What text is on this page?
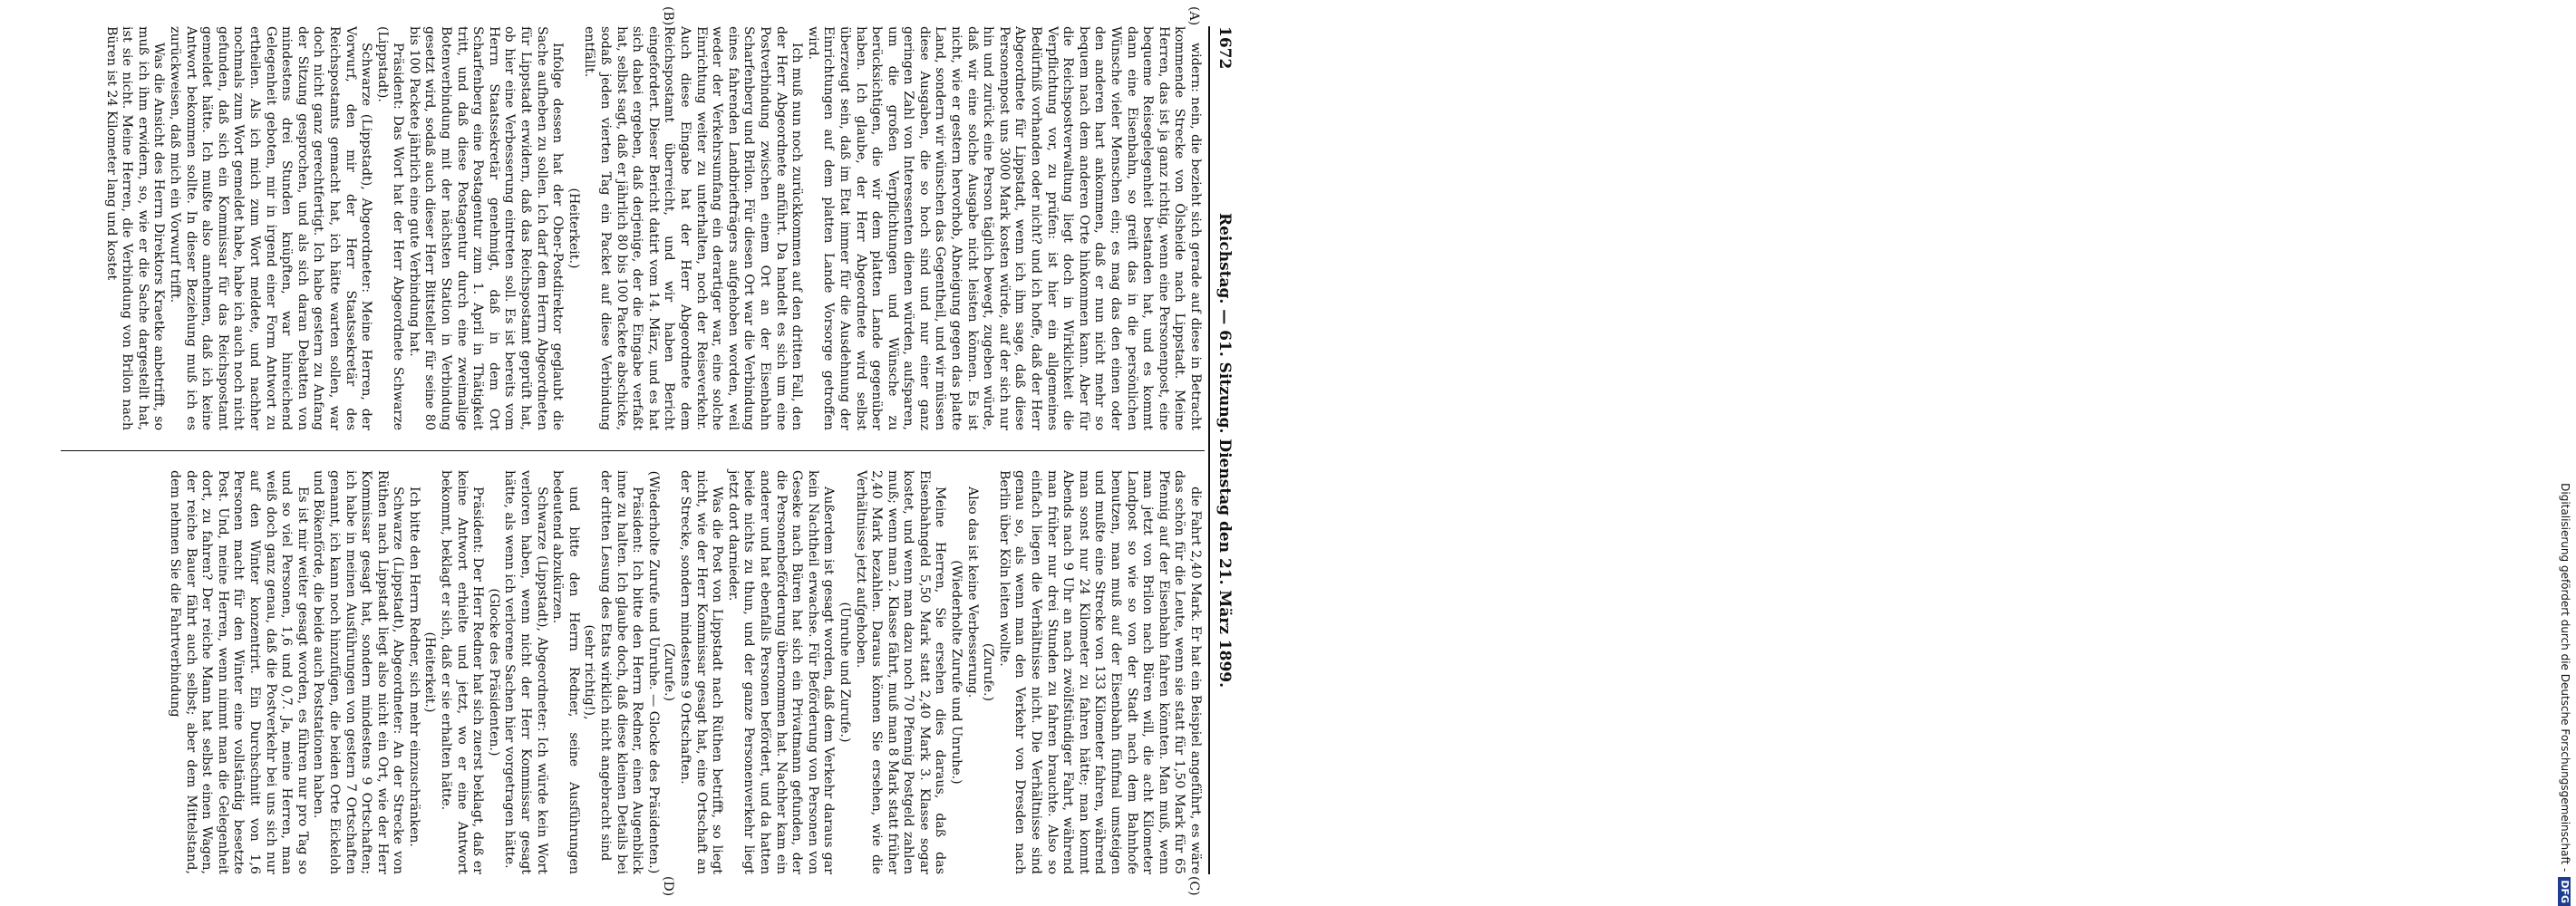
1672
Reichstag. — 61. Sitzung. Dienstag den 21. März 1899.
(A)
(B)
(C)
(D)

widern: nein, die bezieht sich gerade auf diese in Betracht kommende Strecke von Ölsheide nach Lippstadt. Meine Herren, das ist ja ganz richtig, wenn eine Personenpost, eine bequeme Reisegelegenheit bestanden hat, und es kommt dann eine Eisenbahn, so greift das in die persönlichen Wünsche vieler Menschen ein; es mag das den einen oder den anderen hart ankommen, daß er nun nicht mehr so bequem nach dem anderen Orte hinkommen kann. Aber für die Reichspostverwaltung liegt doch in Wirklichkeit die Verpflichtung vor, zu prüfen: ist hier ein allgemeines Bedürfniß vorhanden oder nicht? und ich hoffe, daß der Herr Abgeordnete für Lippstadt, wenn ich ihm sage, daß diese Personenpost uns 3000 Mark kosten würde, auf der sich nur hin und zurück eine Person täglich bewegt, zugeben würde, daß wir eine solche Ausgabe nicht leisten können. Es ist nicht, wie er gestern hervorhob, Abneigung gegen das platte Land, sondern wir wünschen das Gegentheil, und wir müssen diese Ausgaben, die so hoch sind und nur einer ganz geringen Zahl von Interessenten dienen würden, aufsparen, um die großen Verpflichtungen und Wünsche zu berücksichtigen, die wir dem platten Lande gegenüber haben. Ich glaube, der Herr Abgeordnete wird selbst überzeugt sein, daß im Etat immer für die Ausdehnung der Einrichtungen auf dem platten Lande Vorsorge getroffen wird.

Ich muß nun noch zurückkommen auf den dritten Fall, den der Herr Abgeordnete anführt. Da handelt es sich um eine Postverbindung zwischen einem Ort an der Eisenbahn Scharfenberg und Brilon. Für diesen Ort war die Verbindung eines fahrenden Landbriefträgers aufgehoben worden, weil weder der Verkehrsumfang ein derartiger war, eine solche Einrichtung weiter zu unterhalten, noch der Reiseverkehr. Auch diese Eingabe hat der Herr Abgeordnete dem Reichspostamt überreicht, und wir haben Bericht eingefordert. Dieser Bericht datirt vom 14. März, und es hat sich dabei ergeben, daß derjenige, der die Eingabe verfaßt hat, selbst sagt, daß er jährlich 80 bis 100 Packete abschicke, sodaß jeden vierten Tag ein Packet auf diese Verbindung entfällt.

(Heiterkeit.)

Infolge dessen hat der Ober-Postdirektor geglaubt die Sache aufheben zu sollen. Ich darf dem Herrn Abgeordneten für Lippstadt erwidern, daß das Reichspostamt geprüft hat, ob hier eine Verbesserung eintreten soll. Es ist bereits vom Herrn Staatssekretär genehmigt, daß in dem Ort Scharfenberg eine Postagentur zum 1. April in Thätigkeit tritt, und daß diese Postagentur durch eine zweimalige Botenverbindung mit der nächsten Station in Verbindung gesetzt wird, sodaß auch dieser Herr Bittsteller für seine 80 bis 100 Packete jährlich eine gute Verbindung hat.

Präsident: Das Wort hat der Herr Abgeordnete Schwarze (Lippstadt).

Schwarze (Lippstadt), Abgeordneter: Meine Herren, der Vorwurf, den mir der Herr Staatssekretär des Reichspostamts gemacht hat, ich hätte warten sollen, war doch nicht ganz gerechtfertigt. Ich habe gestern zu Anfang der Sitzung gesprochen, und als sich daran Debatten von mindestens drei Stunden knüpften, war hinreichend Gelegenheit geboten, mir in irgend einer Form Antwort zu ertheilen. Als ich mich zum Wort meldete, und nachher nochmals zum Wort gemeldet habe, habe ich auch noch nicht gefunden, daß sich ein Kommissar für das Reichspostamt gemeldet hätte. Ich mußte also annehmen, daß ich keine Antwort bekommen sollte. In dieser Beziehung muß ich es zurückweisen, daß mich ein Vorwurf trifft.

Was die Ansicht des Herrn Direktors Kraetke anbetrifft, so muß ich ihm erwidern, so, wie er die Sache dargestellt hat, ist sie nicht. Meine Herren, die Verbindung von Brilon nach Büren ist 24 Kilometer lang und kostet

die Fahrt 2,40 Mark. Er hat ein Beispiel angeführt, es wäre das schön für die Leute, wenn sie statt für 1,50 Mark für 65 Pfennig auf der Eisenbahn fahren könnten. Man muß, wenn man jetzt von Brilon nach Büren will, die acht Kilometer Landpost so wie so von der Stadt nach dem Bahnhofe benutzen, man muß auf der Eisenbahn fünfmal umsteigen und mußte eine Strecke von 133 Kilometer fahren, während man sonst nur 24 Kilometer zu fahren hätte; man kommt Abends nach 9 Uhr an nach zwölfstündiger Fahrt, während man früher nur drei Stunden zu fahren brauchte. Also so einfach liegen die Verhältnisse nicht. Die Verhältnisse sind genau so, als wenn man den Verkehr von Dresden nach Berlin über Köln leiten wollte.

(Zurufe.)

Also das ist keine Verbesserung.

(Wiederholte Zurufe und Unruhe.)

Meine Herren, Sie ersehen dies daraus, daß das Eisenbahngeld 5,50 Mark statt 2,40 Mark 3. Klasse sogar kostet, und wenn man dazu noch 70 Pfennig Postgeld zahlen muß; wenn man 2. Klasse fährt, muß man 8 Mark statt früher 2,40 Mark bezahlen. Daraus können Sie ersehen, wie die Verhältnisse jetzt aufgehoben.

(Unruhe und Zurufe.)

Außerdem ist gesagt worden, daß dem Verkehr daraus gar kein Nachtheil erwachse. Für Beförderung von Personen von Geseke nach Büren hat sich ein Privatmann gefunden, der die Personenbeförderung übernommen hat. Nachher kam ein anderer und hat ebenfalls Personen befördert, und da hatten beide nichts zu thun, und der ganze Personenverkehr liegt jetzt dort darnieder.

Was die Post von Lippstadt nach Rüthen betrifft, so liegt nicht, wie der Herr Kommissar gesagt hat, eine Ortschaft an der Strecke, sondern mindestens 9 Ortschaften.

(Zurufe.)

(Wiederholte Zurufe und Unruhe. — Glocke des Präsidenten.)

Präsident: Ich bitte den Herrn Redner, einen Augenblick inne zu halten. Ich glaube doch, daß diese kleinen Details bei der dritten Lesung des Etats wirklich nicht angebracht sind

(sehr richtig!),

und bitte den Herrn Redner, seine Ausführungen bedeutend abzukürzen.

Schwarze (Lippstadt), Abgeordneter: Ich würde kein Wort verloren haben, wenn nicht der Herr Kommissar gesagt hätte, als wenn ich verlorene Sachen hier vorgetragen hätte.

(Glocke des Präsidenten.)

Präsident: Der Herr Redner hat sich zuerst beklagt, daß er keine Antwort erhielte und jetzt, wo er eine Antwort bekommt, beklagt er sich, daß er sie erhalten hätte.

(Heiterkeit.)

Ich bitte den Herrn Redner, sich mehr einzuschränken.

Schwarze (Lippstadt), Abgeordneter: An der Strecke von Rüthen nach Lippstadt liegt also nicht ein Ort, wie der Herr Kommissar gesagt hat, sondern mindestens 9 Ortschaften; ich habe in meinen Ausführungen von gestern 7 Ortschaften genannt, ich kann noch hinzufügen, die beiden Orte Eickeloh und Bökenförde, die beide auch Poststationen haben.

Es ist mir weiter gesagt worden, es führen nur pro Tag so und so viel Personen, 1,6 und 0,7. Ja, meine Herren, man weiß doch ganz genau, daß die Postverkehr bei uns sich nur auf den Winter konzentrirt. Ein Durchschnitt von 1,6 Personen macht für den Winter eine vollständig besetzte Post. Und, meine Herren, wenn nimmt man die Gelegenheit dort, zu fahren? Der reiche Mann hat selbst einen Wagen, der reiche Bauer fährt auch selbst; aber dem Mittelstand, dem nehmen Sie die Fahrtverbindung	Digitalisierung gefördert durch die Deutsche Forschungsgemeinschaft -DFG
